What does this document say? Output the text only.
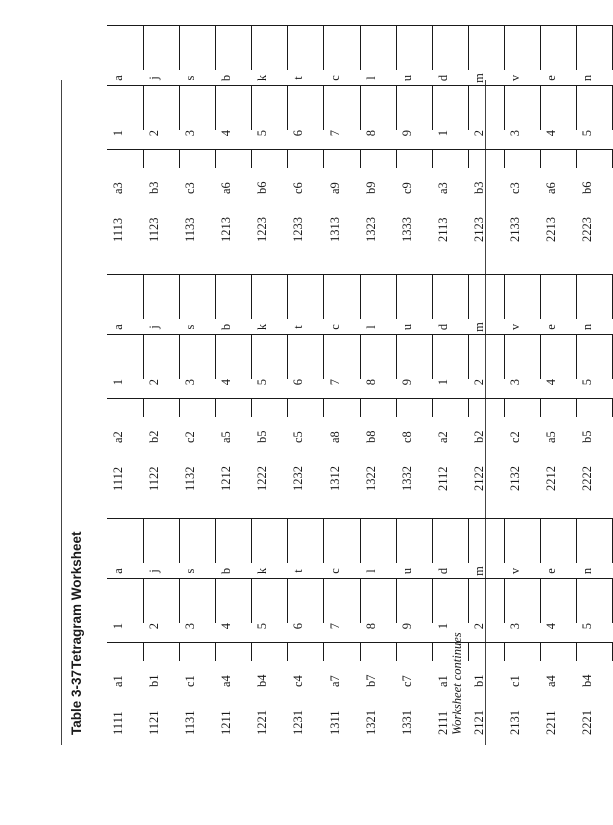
Table 3-37Tetragram Worksheet
1111
a1
1
a
1112
a2
1
a
1113
a3
1
a
1121
b1
2
j
1122
b2
2
j
1123
b3
2
j
1131
c1
3
s
1132
c2
3
s
1133
c3
3
s
1211
a4
4
b
1212
a5
4
b
1213
a6
4
b
1221
b4
5
k
1222
b5
5
k
1223
b6
5
k
1231
c4
6
t
1232
c5
6
t
1233
c6
6
t
1311
a7
7
c
1312
a8
7
c
1313
a9
7
c
1321
b7
8
l
1322
b8
8
l
1323
b9
8
l
1331
c7
9
u
1332
c8
9
u
1333
c9
9
u
2111
a1
1
d
2112
a2
1
d
2113
a3
1
d
2121
b1
2
m
2122
b2
2
m
2123
b3
2
m
2131
c1
3
v
2132
c2
3
v
2133
c3
3
v
2211
a4
4
e
2212
a5
4
e
2213
a6
4
e
2221
b4
5
n
2222
b5
5
n
2223
b6
5
n
Worksheet continues
